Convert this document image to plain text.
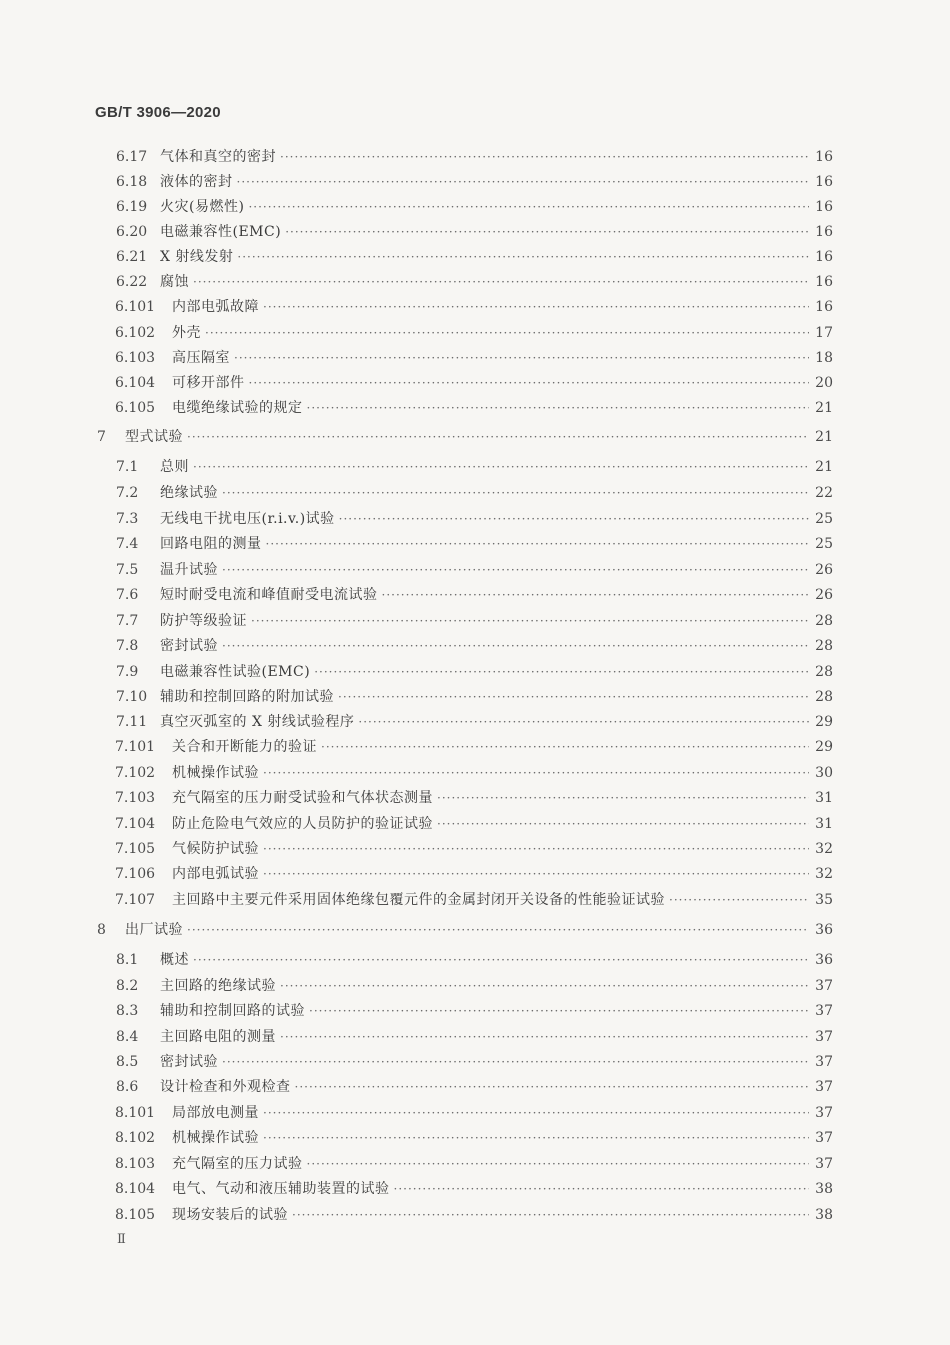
GB/T 3906—2020
6.17 气体和真空的密封 ·····	16
6.18 液体的密封 ·····	16
6.19 火灾(易燃性) ·····	16
6.20 电磁兼容性(EMC) ·····	16
6.21 X 射线发射 ·····	16
6.22 腐蚀 ·····	16
6.101	内部电弧故障 ·····	16
6.102	外壳 ·····	17
6.103	高压隔室 ·····	18
6.104	可移开部件 ·····	20
6.105	电缆绝缘试验的规定 ·····	21
7	型式试验 ·····	21
7.1	总则 ·····	21
7.2	绝缘试验 ·····	22
7.3	无线电干扰电压(r.i.v.)试验 ·····	25
7.4	回路电阻的测量 ·····	25
7.5	温升试验 ·····	26
7.6	短时耐受电流和峰值耐受电流试验 ·····	26
7.7	防护等级验证 ·····	28
7.8	密封试验 ·····	28
7.9	电磁兼容性试验(EMC) ·····	28
7.10 辅助和控制回路的附加试验 ·····	28
7.11 真空灭弧室的 X 射线试验程序 ·····	29
7.101	关合和开断能力的验证 ·····	29
7.102	机械操作试验 ·····	30
7.103	充气隔室的压力耐受试验和气体状态测量 ·····	31
7.104	防止危险电气效应的人员防护的验证试验 ·····	31
7.105	气候防护试验 ·····	32
7.106	内部电弧试验 ·····	32
7.107	主回路中主要元件采用固体绝缘包覆元件的金属封闭开关设备的性能验证试验 ·····	35
8	出厂试验 ·····	36
8.1	概述 ·····	36
8.2	主回路的绝缘试验 ·····	37
8.3	辅助和控制回路的试验 ·····	37
8.4	主回路电阻的测量 ·····	37
8.5	密封试验 ·····	37
8.6	设计检查和外观检查 ·····	37
8.101	局部放电测量 ·····	37
8.102	机械操作试验 ·····	37
8.103	充气隔室的压力试验 ·····	37
8.104	电气、气动和液压辅助装置的试验 ·····	38
8.105	现场安装后的试验 ·····	38
Ⅱ
